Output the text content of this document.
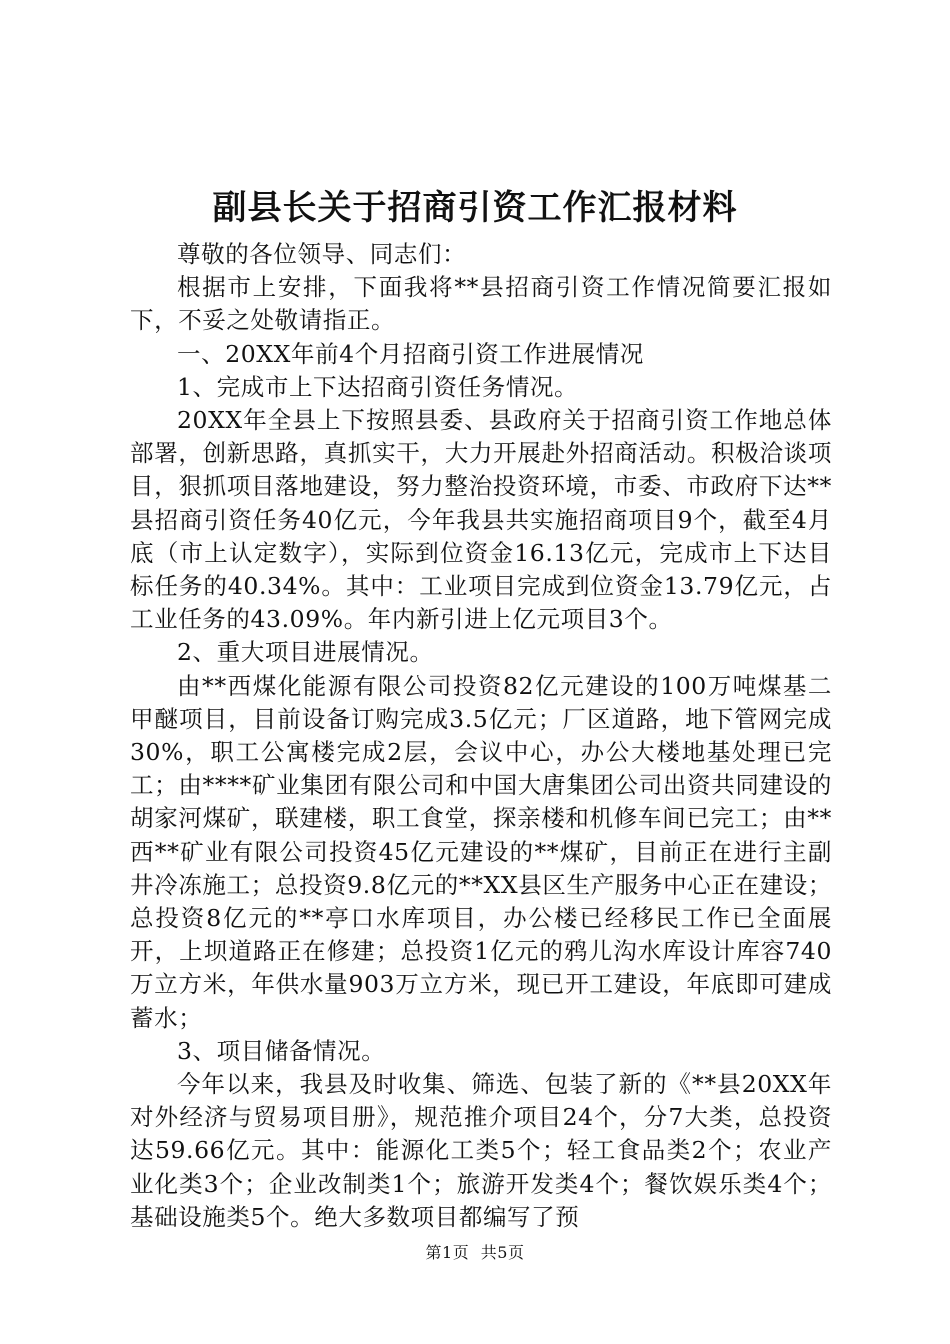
副县长关于招商引资工作汇报材料

尊敬的各位领导、同志们：

根据市上安排，下面我将**县招商引资工作情况简要汇报如下，不妥之处敬请指正。

一、20XX年前4个月招商引资工作进展情况

1、完成市上下达招商引资任务情况。

20XX年全县上下按照县委、县政府关于招商引资工作地总体部署，创新思路，真抓实干，大力开展赴外招商活动。积极洽谈项目，狠抓项目落地建设，努力整治投资环境，市委、市政府下达**县招商引资任务40亿元，今年我县共实施招商项目9个，截至4月底（市上认定数字），实际到位资金16.13亿元，完成市上下达目标任务的40.34%。其中：工业项目完成到位资金13.79亿元，占工业任务的43.09%。年内新引进上亿元项目3个。

2、重大项目进展情况。

由**西煤化能源有限公司投资82亿元建设的100万吨煤基二甲醚项目，目前设备订购完成3.5亿元；厂区道路，地下管网完成30%，职工公寓楼完成2层，会议中心，办公大楼地基处理已完工；由****矿业集团有限公司和中国大唐集团公司出资共同建设的胡家河煤矿，联建楼，职工食堂，探亲楼和机修车间已完工；由**西**矿业有限公司投资45亿元建设的**煤矿，目前正在进行主副井冷冻施工；总投资9.8亿元的**XX县区生产服务中心正在建设；总投资8亿元的**亭口水库项目，办公楼已经移民工作已全面展开，上坝道路正在修建；总投资1亿元的鸦儿沟水库设计库容740万立方米，年供水量903万立方米，现已开工建设，年底即可建成蓄水；

3、项目储备情况。

今年以来，我县及时收集、筛选、包装了新的《**县20XX年对外经济与贸易项目册》，规范推介项目24个，分7大类，总投资达59.66亿元。其中：能源化工类5个；轻工食品类2个；农业产业化类3个；企业改制类1个；旅游开发类4个；餐饮娱乐类4个；基础设施类5个。绝大多数项目都编写了预

第1页 共5页
